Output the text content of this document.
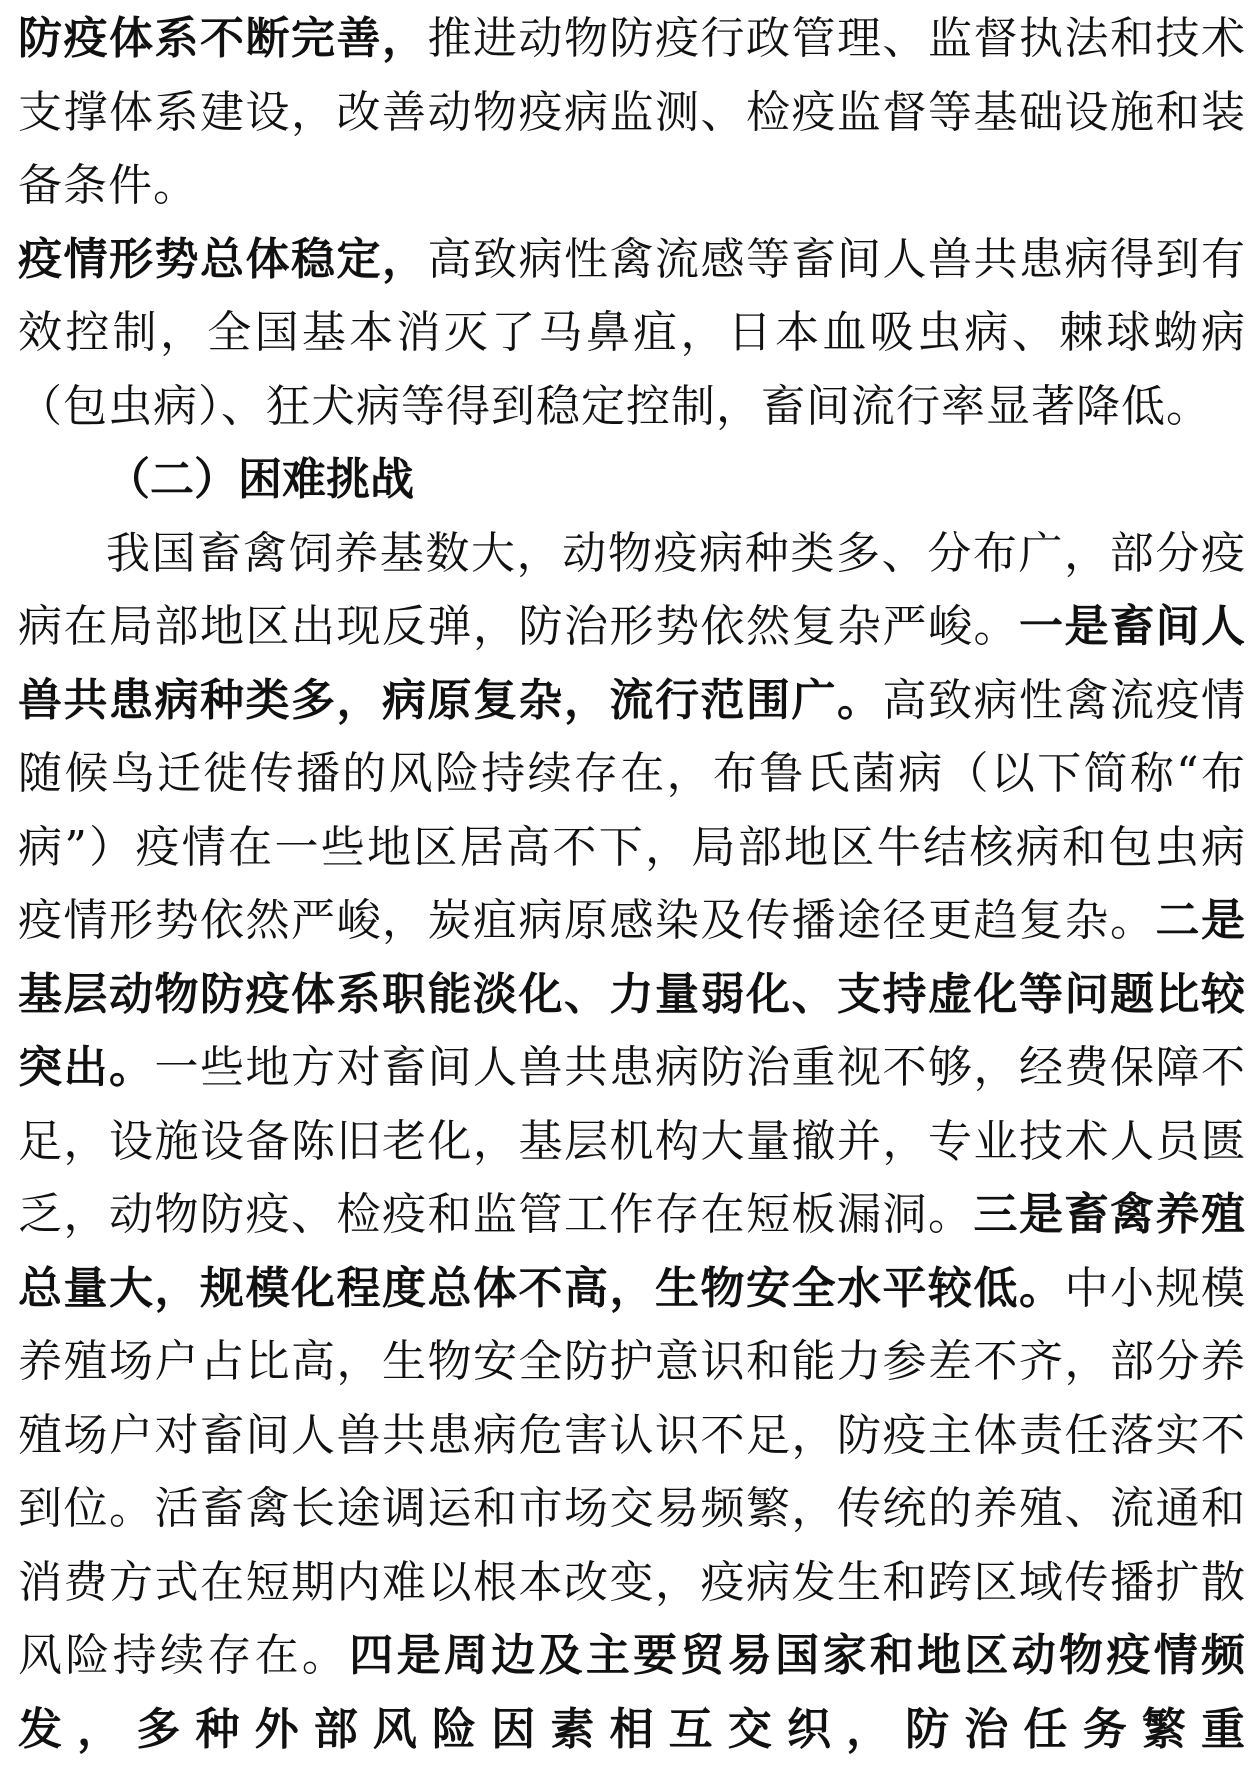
防疫体系不断完善，推进动物防疫行政管理、监督执法和技术支撑体系建设，改善动物疫病监测、检疫监督等基础设施和装备条件。

疫情形势总体稳定，高致病性禽流感等畜间人兽共患病得到有效控制，全国基本消灭了马鼻疽，日本血吸虫病、棘球蚴病（包虫病）、狂犬病等得到稳定控制，畜间流行率显著降低。

（二）困难挑战

我国畜禽饲养基数大，动物疫病种类多、分布广，部分疫病在局部地区出现反弹，防治形势依然复杂严峻。一是畜间人兽共患病种类多，病原复杂，流行范围广。高致病性禽流疫情随候鸟迁徙传播的风险持续存在，布鲁氏菌病（以下简称“布病”）疫情在一些地区居高不下，局部地区牛结核病和包虫病疫情形势依然严峻，炭疽病原感染及传播途径更趋复杂。二是基层动物防疫体系职能淡化、力量弱化、支持虚化等问题比较突出。一些地方对畜间人兽共患病防治重视不够，经费保障不足，设施设备陈旧老化，基层机构大量撤并，专业技术人员匮乏，动物防疫、检疫和监管工作存在短板漏洞。三是畜禽养殖总量大，规模化程度总体不高，生物安全水平较低。中小规模养殖场户占比高，生物安全防护意识和能力参差不齐，部分养殖场户对畜间人兽共患病危害认识不足，防疫主体责任落实不到位。活畜禽长途调运和市场交易频繁，传统的养殖、流通和消费方式在短期内难以根本改变，疫病发生和跨区域传播扩散风险持续存在。四是周边及主要贸易国家和地区动物疫情频发，多种外部风险因素相互交织，防治任务繁重
